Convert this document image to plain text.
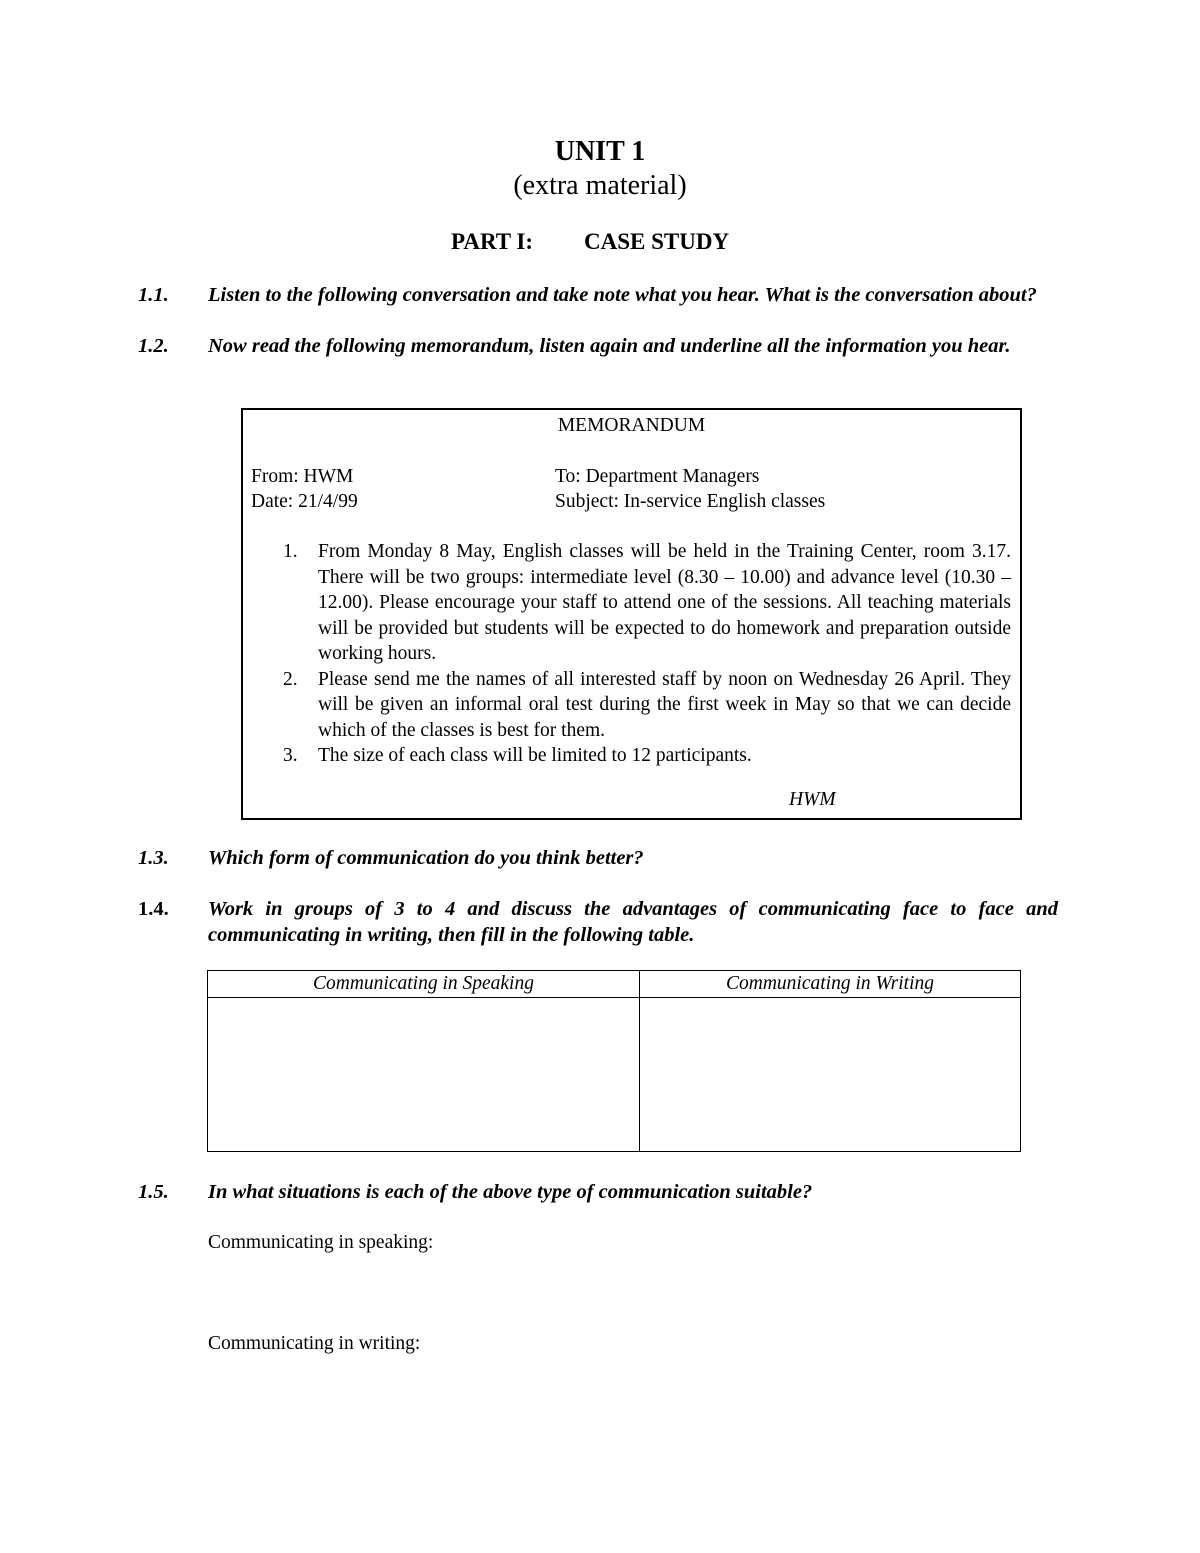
UNIT 1
(extra material)
PART I: CASE STUDY
1.1. Listen to the following conversation and take note what you hear. What is the conversation about?
1.2. Now read the following memorandum, listen again and underline all the information you hear.
MEMORANDUM
From: HWM	To: Department Managers
Date: 21/4/99	Subject: In-service English classes
1. From Monday 8 May, English classes will be held in the Training Center, room 3.17. There will be two groups: intermediate level (8.30 – 10.00) and advance level (10.30 – 12.00). Please encourage your staff to attend one of the sessions. All teaching materials will be provided but students will be expected to do homework and preparation outside working hours.
2. Please send me the names of all interested staff by noon on Wednesday 26 April. They will be given an informal oral test during the first week in May so that we can decide which of the classes is best for them.
3. The size of each class will be limited to 12 participants.
HWM
1.3. Which form of communication do you think better?
1.4. Work in groups of 3 to 4 and discuss the advantages of communicating face to face and communicating in writing, then fill in the following table.
Communicating in Speaking	Communicating in Writing

1.5. In what situations is each of the above type of communication suitable?
Communicating in speaking:
Communicating in writing:
